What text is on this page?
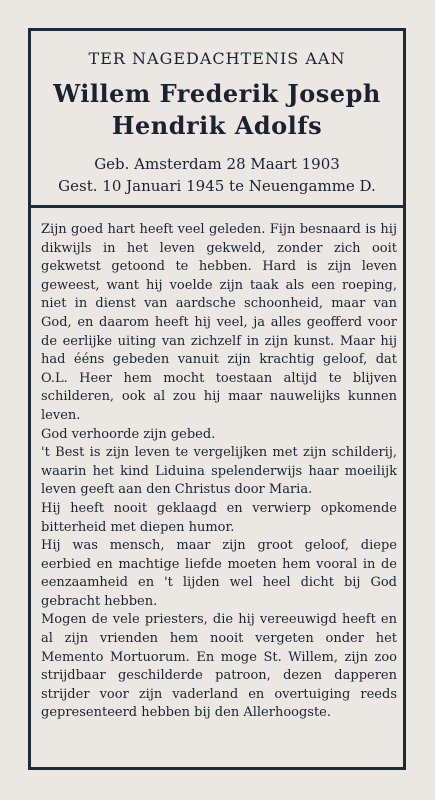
TER NAGEDACHTENIS AAN
Willem Frederik Joseph
Hendrik Adolfs
Geb. Amsterdam 28 Maart 1903
Gest. 10 Januari 1945 te Neuengamme D.

Zijn goed hart heeft veel geleden. Fijn besnaard is hij dikwijls in het leven gekweld, zonder zich ooit gekwetst getoond te hebben. Hard is zijn leven geweest, want hij voelde zijn taak als een roeping, niet in dienst van aardsche schoonheid, maar van God, en daarom heeft hij veel, ja alles geofferd voor de eerlijke uiting van zichzelf in zijn kunst. Maar hij had ééns gebeden vanuit zijn krachtig geloof, dat O.L. Heer hem mocht toestaan altijd te blijven schilderen, ook al zou hij maar nauwelijks kunnen leven.

God verhoorde zijn gebed.

't Best is zijn leven te vergelijken met zijn schilderij, waarin het kind Liduina spelenderwijs haar moeilijk leven geeft aan den Christus door Maria.

Hij heeft nooit geklaagd en verwierp opkomende bitterheid met diepen humor.

Hij was mensch, maar zijn groot geloof, diepe eerbied en machtige liefde moeten hem vooral in de eenzaamheid en 't lijden wel heel dicht bij God gebracht hebben.

Mogen de vele priesters, die hij vereeuwigd heeft en al zijn vrienden hem nooit vergeten onder het Memento Mortuorum. En moge St. Willem, zijn zoo strijdbaar geschilderde patroon, dezen dapperen strijder voor zijn vaderland en overtuiging reeds gepresenteerd hebben bij den Allerhoogste.
